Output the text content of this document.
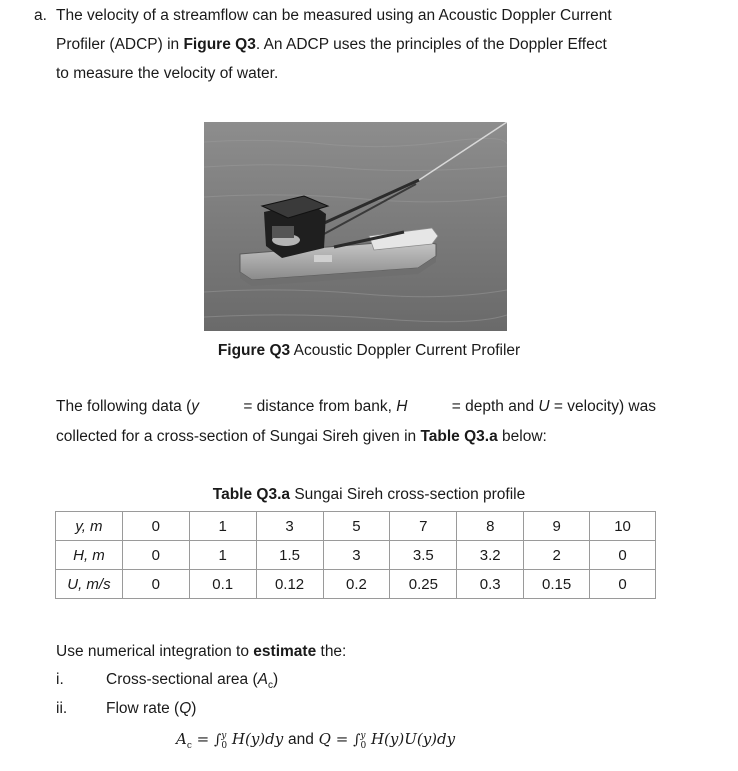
a. The velocity of a streamflow can be measured using an Acoustic Doppler Current
Profiler (ADCP) in Figure Q3. An ADCP uses the principles of the Doppler Effect
to measure the velocity of water.
Figure Q3 Acoustic Doppler Current Profiler
The following data (y	= distance from bank, H	= depth and U = velocity) was
collected for a cross-section of Sungai Sireh given in Table Q3.a below:
Table Q3.a Sungai Sireh cross-section profile
y, m	0	1	3	5	7	8	9	10
H, m	0	1	1.5	3	3.5	3.2	2	0
U, m/s	0	0.1	0.12	0.2	0.25	0.3	0.15	0
Use numerical integration to estimate the:
i.	Cross-sectional area $(A_c)$
ii.	Flow rate (Q)
$A_c = \int^y_0$ H(y)dy and Q = ∫$^y_0$ H(y)U(y)dy
